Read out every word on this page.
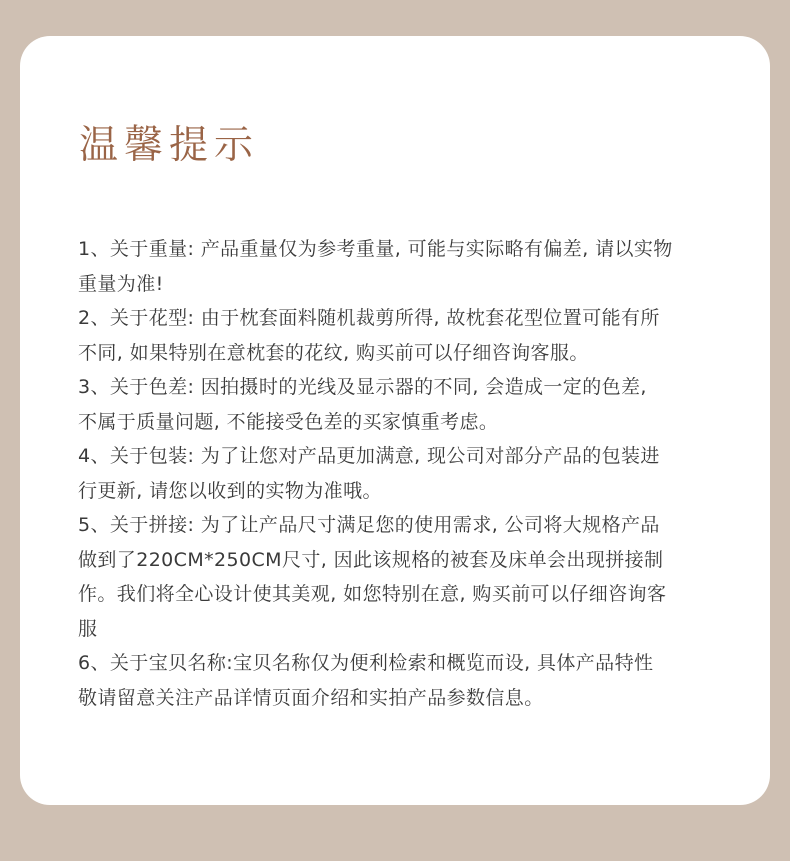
温馨提示
1、关于重量: 产品重量仅为参考重量, 可能与实际略有偏差, 请以实物
重量为准!
2、关于花型: 由于枕套面料随机裁剪所得, 故枕套花型位置可能有所
不同, 如果特别在意枕套的花纹, 购买前可以仔细咨询客服。
3、关于色差: 因拍摄时的光线及显示器的不同, 会造成一定的色差,
不属于质量问题, 不能接受色差的买家慎重考虑。
4、关于包装: 为了让您对产品更加满意, 现公司对部分产品的包装进
行更新, 请您以收到的实物为准哦。
5、关于拼接: 为了让产品尺寸满足您的使用需求, 公司将大规格产品
做到了220CM*250CM尺寸, 因此该规格的被套及床单会出现拼接制
作。我们将全心设计使其美观, 如您特别在意, 购买前可以仔细咨询客
服
6、关于宝贝名称:宝贝名称仅为便利检索和概览而设, 具体产品特性
敬请留意关注产品详情页面介绍和实拍产品参数信息。
